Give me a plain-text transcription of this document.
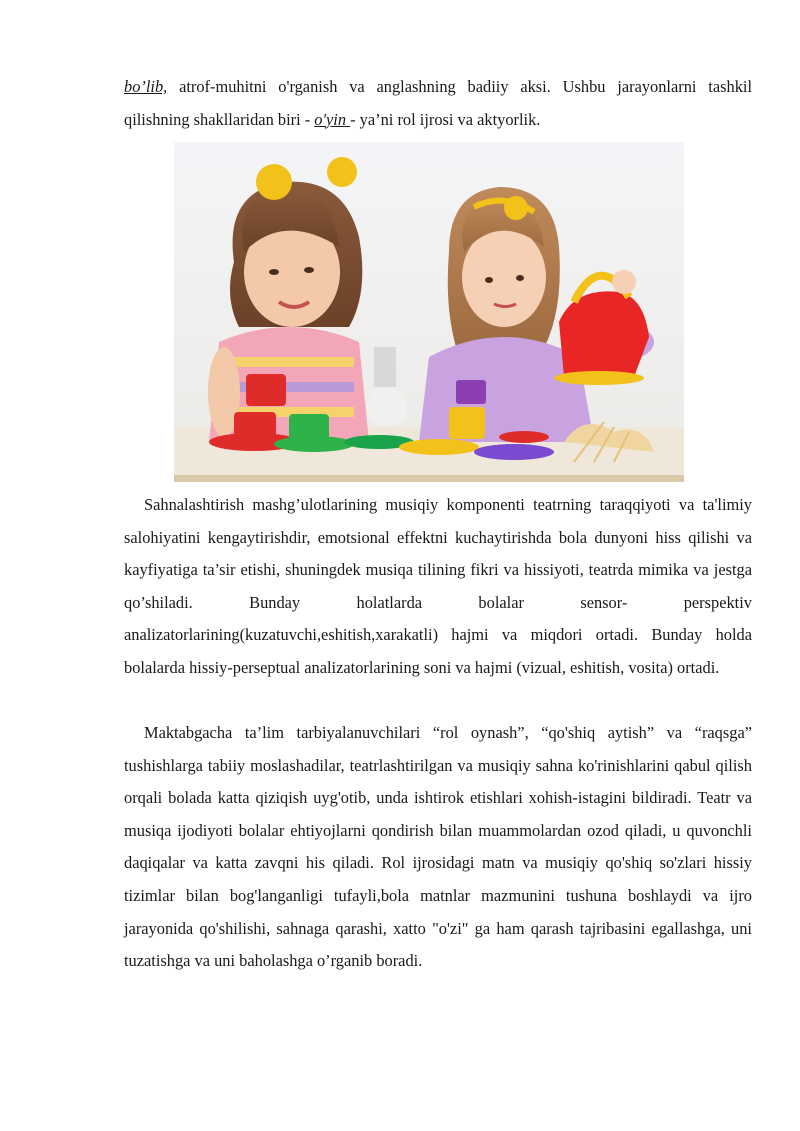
bo’lib, atrof-muhitni o'rganish va anglashning badiiy aksi. Ushbu jarayonlarni tashkil qilishning shakllaridan biri - o'yin - ya’ni rol ijrosi va aktyorlik.

Sahnalashtirish mashg’ulotlarining musiqiy komponenti teatrning taraqqiyoti va ta'limiy salohiyatini kengaytirishdir, emotsional effektni kuchaytirishda bola dunyoni hiss qilishi va kayfiyatiga ta’sir etishi, shuningdek musiqa tilining fikri va hissiyoti, teatrda mimika va jestga qo’shiladi. Bunday holatlarda bolalar sensor- perspektiv analizatorlarining(kuzatuvchi,eshitish,xarakatli) hajmi va miqdori ortadi. Bunday holda bolalarda hissiy-perseptual analizatorlarining soni va hajmi (vizual, eshitish, vosita) ortadi.

Maktabgacha ta’lim tarbiyalanuvchilari “rol oynash”, “qo'shiq aytish” va “raqsga” tushishlarga tabiiy moslashadilar, teatrlashtirilgan va musiqiy sahna ko'rinishlarini qabul qilish orqali bolada katta qiziqish uyg'otib, unda ishtirok etishlari xohish-istagini bildiradi. Teatr va musiqa ijodiyoti bolalar ehtiyojlarni qondirish bilan muammolardan ozod qiladi, u quvonchli daqiqalar va katta zavqni his qiladi. Rol ijrosidagi matn va musiqiy qo'shiq so'zlari hissiy tizimlar bilan bog'langanligi tufayli,bola matnlar mazmunini tushuna boshlaydi va ijro jarayonida qo'shilishi, sahnaga qarashi, xatto "o'zi" ga ham qarash tajribasini egallashga, uni tuzatishga va uni baholashga o’rganib boradi.
